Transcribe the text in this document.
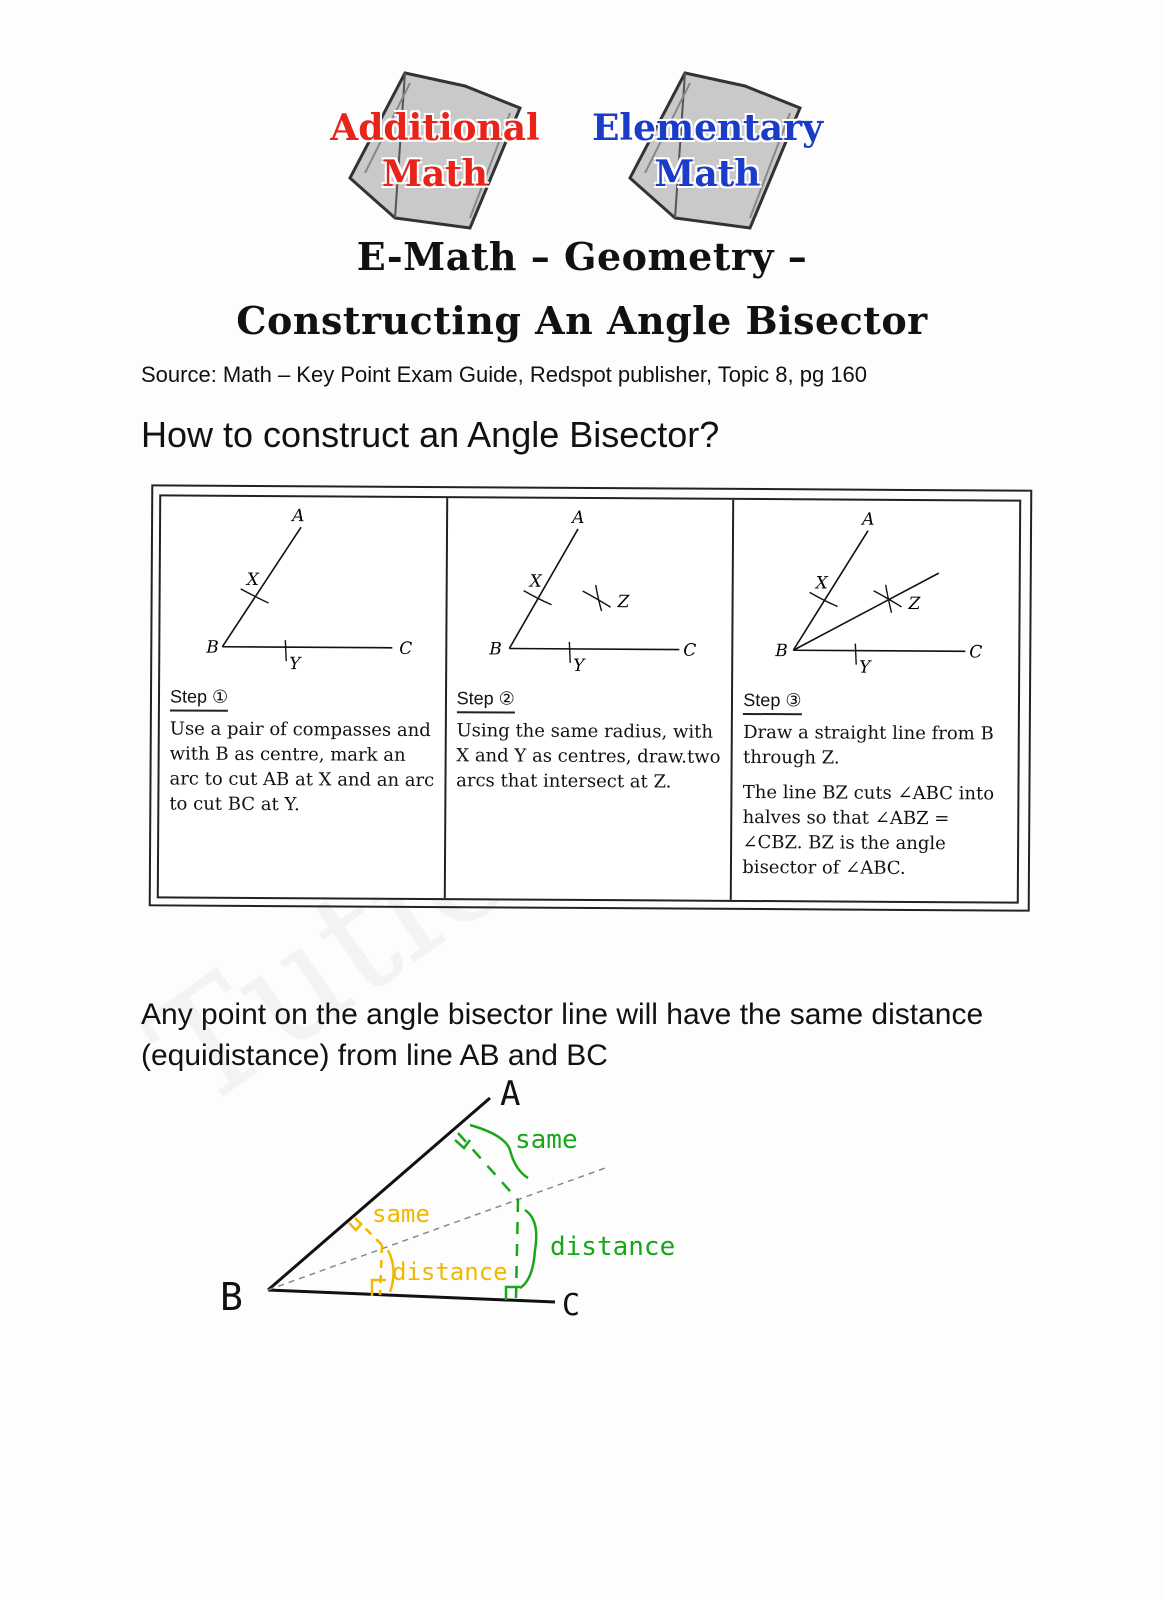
Additional
Math
Elementary
Math
E-Math – Geometry –
Constructing An Angle Bisector
Source: Math – Key Point Exam Guide, Redspot publisher, Topic 8, pg 160
How to construct an Angle Bisector?
A
B	C
X
Y
Step ①

Use a pair of compasses and with B as centre, mark an arc to cut AB at X and an arc to cut BC at Y.

A
B	C
X
Y
Z
Step ②

Using the same radius, with X and Y as centres, draw.two arcs that intersect at Z.

A
B	C
X
Y
Z
Step ③

Draw a straight line from B through Z.

The line BZ cuts ∠ABC into halves so that ∠ABZ = ∠CBZ. BZ is the angle bisector of ∠ABC.

Any point on the angle bisector line will have the same distance (equidistance) from line AB and BC
A
B	C
same
distance
same
distance
